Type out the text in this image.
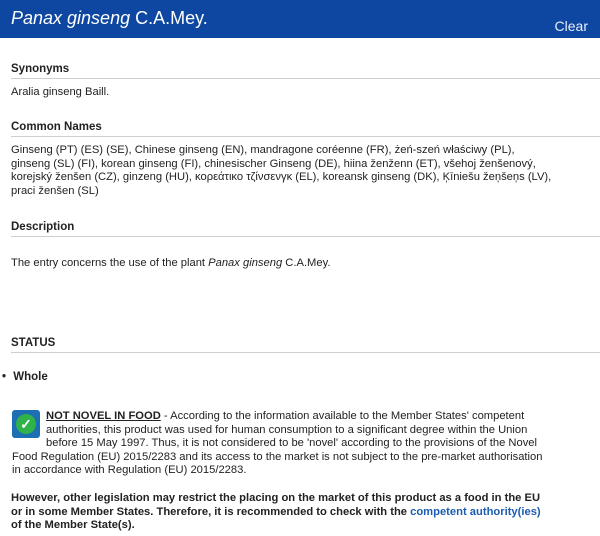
Panax ginseng C.A.Mey.	Clear
Synonyms
Aralia ginseng Baill.
Common Names
Ginseng (PT) (ES) (SE), Chinese ginseng (EN), mandragone coréenne (FR), żeń-szeń właściwy (PL),
ginseng (SL) (FI), korean ginseng (FI), chinesischer Ginseng (DE), hiina ženženn (ET), všehoj ženšenový,
korejský ženšen (CZ), ginzeng (HU), κορεάτικο τζίνσενγκ (EL), koreansk ginseng (DK), Ķīniešu žeņšeņs (LV),
praci ženšen (SL)
Description
The entry concerns the use of the plant Panax ginseng C.A.Mey.
STATUS
• Whole
✓	NOT NOVEL IN FOOD - According to the information available to the Member States' competent
authorities, this product was used for human consumption to a significant degree within the Union
before 15 May 1997. Thus, it is not considered to be 'novel' according to the provisions of the Novel
Food Regulation (EU) 2015/2283 and its access to the market is not subject to the pre-market authorisation
in accordance with Regulation (EU) 2015/2283.
However, other legislation may restrict the placing on the market of this product as a food in the EU
or in some Member States. Therefore, it is recommended to check with the competent authority(ies)
of the Member State(s).
